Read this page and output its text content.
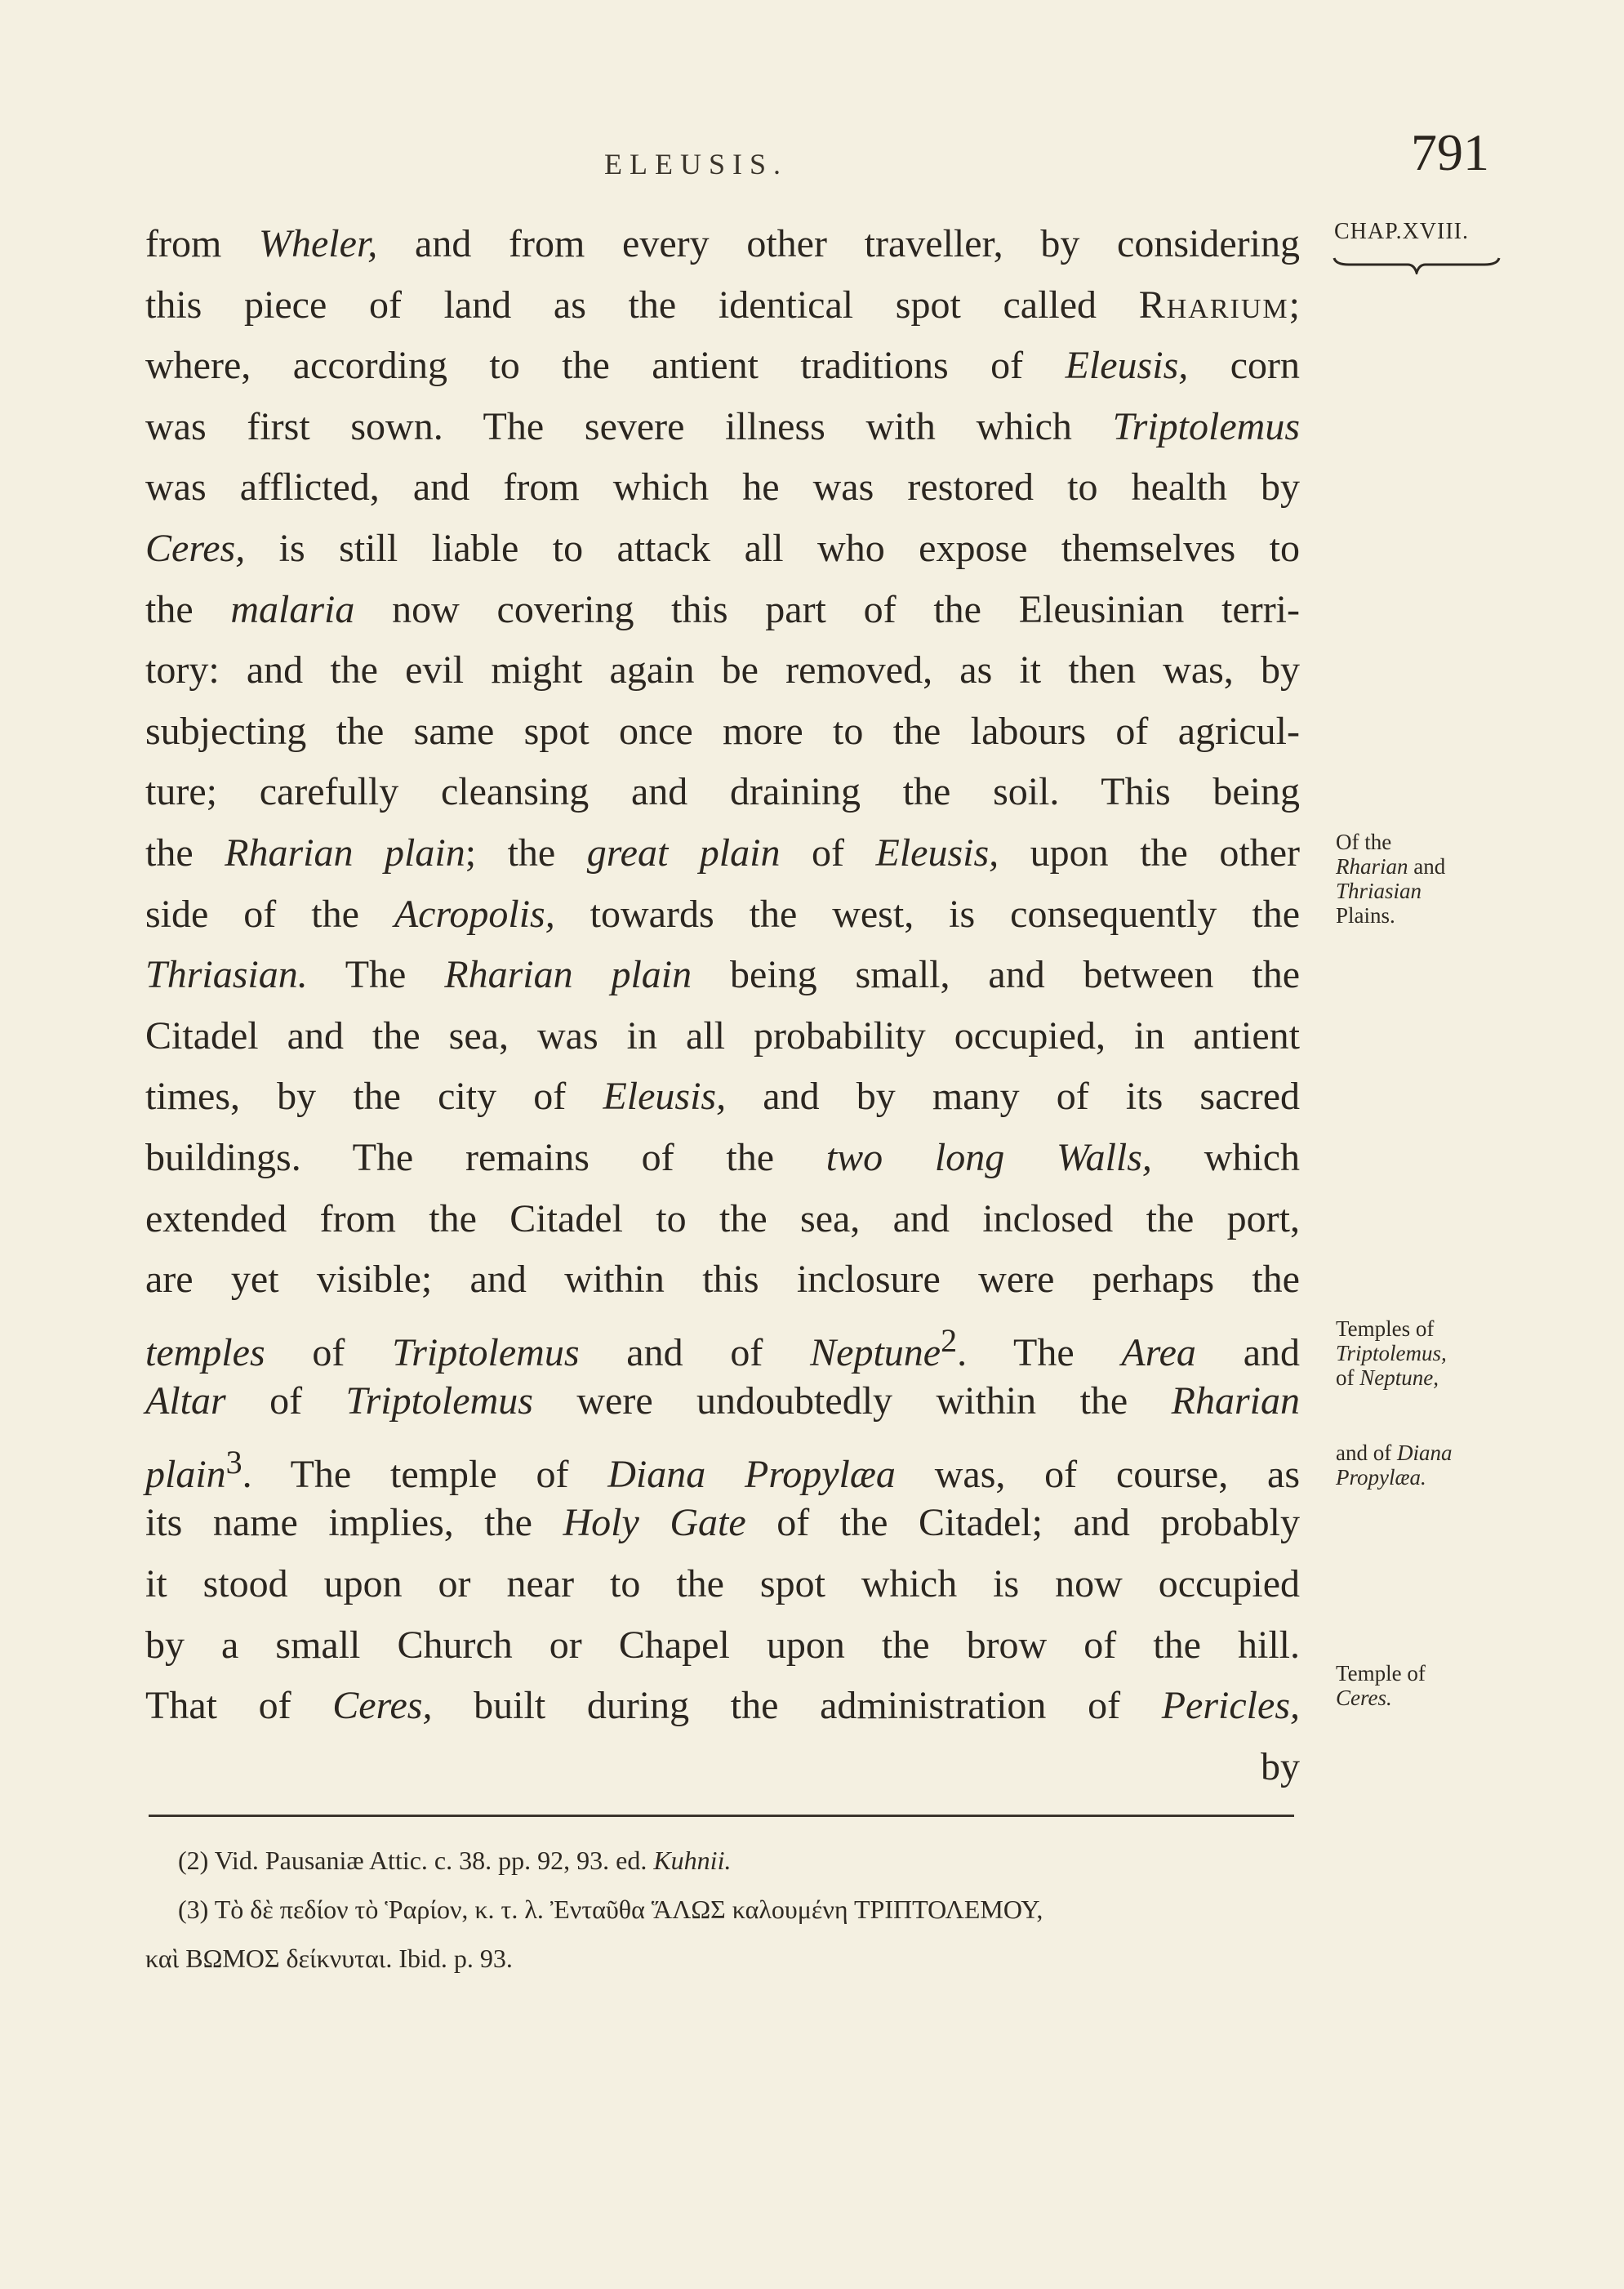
ELEUSIS.	791
CHAP.XVIII.
from Wheler, and from every other traveller, by considering
this piece of land as the identical spot called Rharium;
where, according to the antient traditions of Eleusis, corn
was first sown. The severe illness with which Triptolemus
was afflicted, and from which he was restored to health by
Ceres, is still liable to attack all who expose themselves to
the malaria now covering this part of the Eleusinian terri-
tory: and the evil might again be removed, as it then was, by
subjecting the same spot once more to the labours of agricul-
ture; carefully cleansing and draining the soil. This being
the Rharian plain; the great plain of Eleusis, upon the other
side of the Acropolis, towards the west, is consequently the
Thriasian. The Rharian plain being small, and between the
Citadel and the sea, was in all probability occupied, in antient
times, by the city of Eleusis, and by many of its sacred
buildings. The remains of the two long Walls, which
extended from the Citadel to the sea, and inclosed the port,
are yet visible; and within this inclosure were perhaps the
temples of Triptolemus and of Neptune$^2$. The Area and
Altar of Triptolemus were undoubtedly within the Rharian
plain$^3$. The temple of Diana Propylæa was, of course, as
its name implies, the Holy Gate of the Citadel; and probably
it stood upon or near to the spot which is now occupied
by a small Church or Chapel upon the brow of the hill.
That of Ceres, built during the administration of Pericles,
by
Of the
Rharian and
Thriasian
Plains.
Temples of
Triptolemus,
of Neptune,
and of Diana
Propylæa.
Temple of
Ceres.
(2) Vid. Pausaniæ Attic. c. 38. pp. 92, 93. ed. Kuhnii.
(3) Τὸ δὲ πεδίον τὸ Ῥαρίον, κ. τ. λ. Ἐνταῦθα ἍΛΩΣ καλουμένη ΤΡΙΠΤΟΛΕΜΟΥ,
καὶ ΒΩΜΟΣ δείκνυται. Ibid. p. 93.
